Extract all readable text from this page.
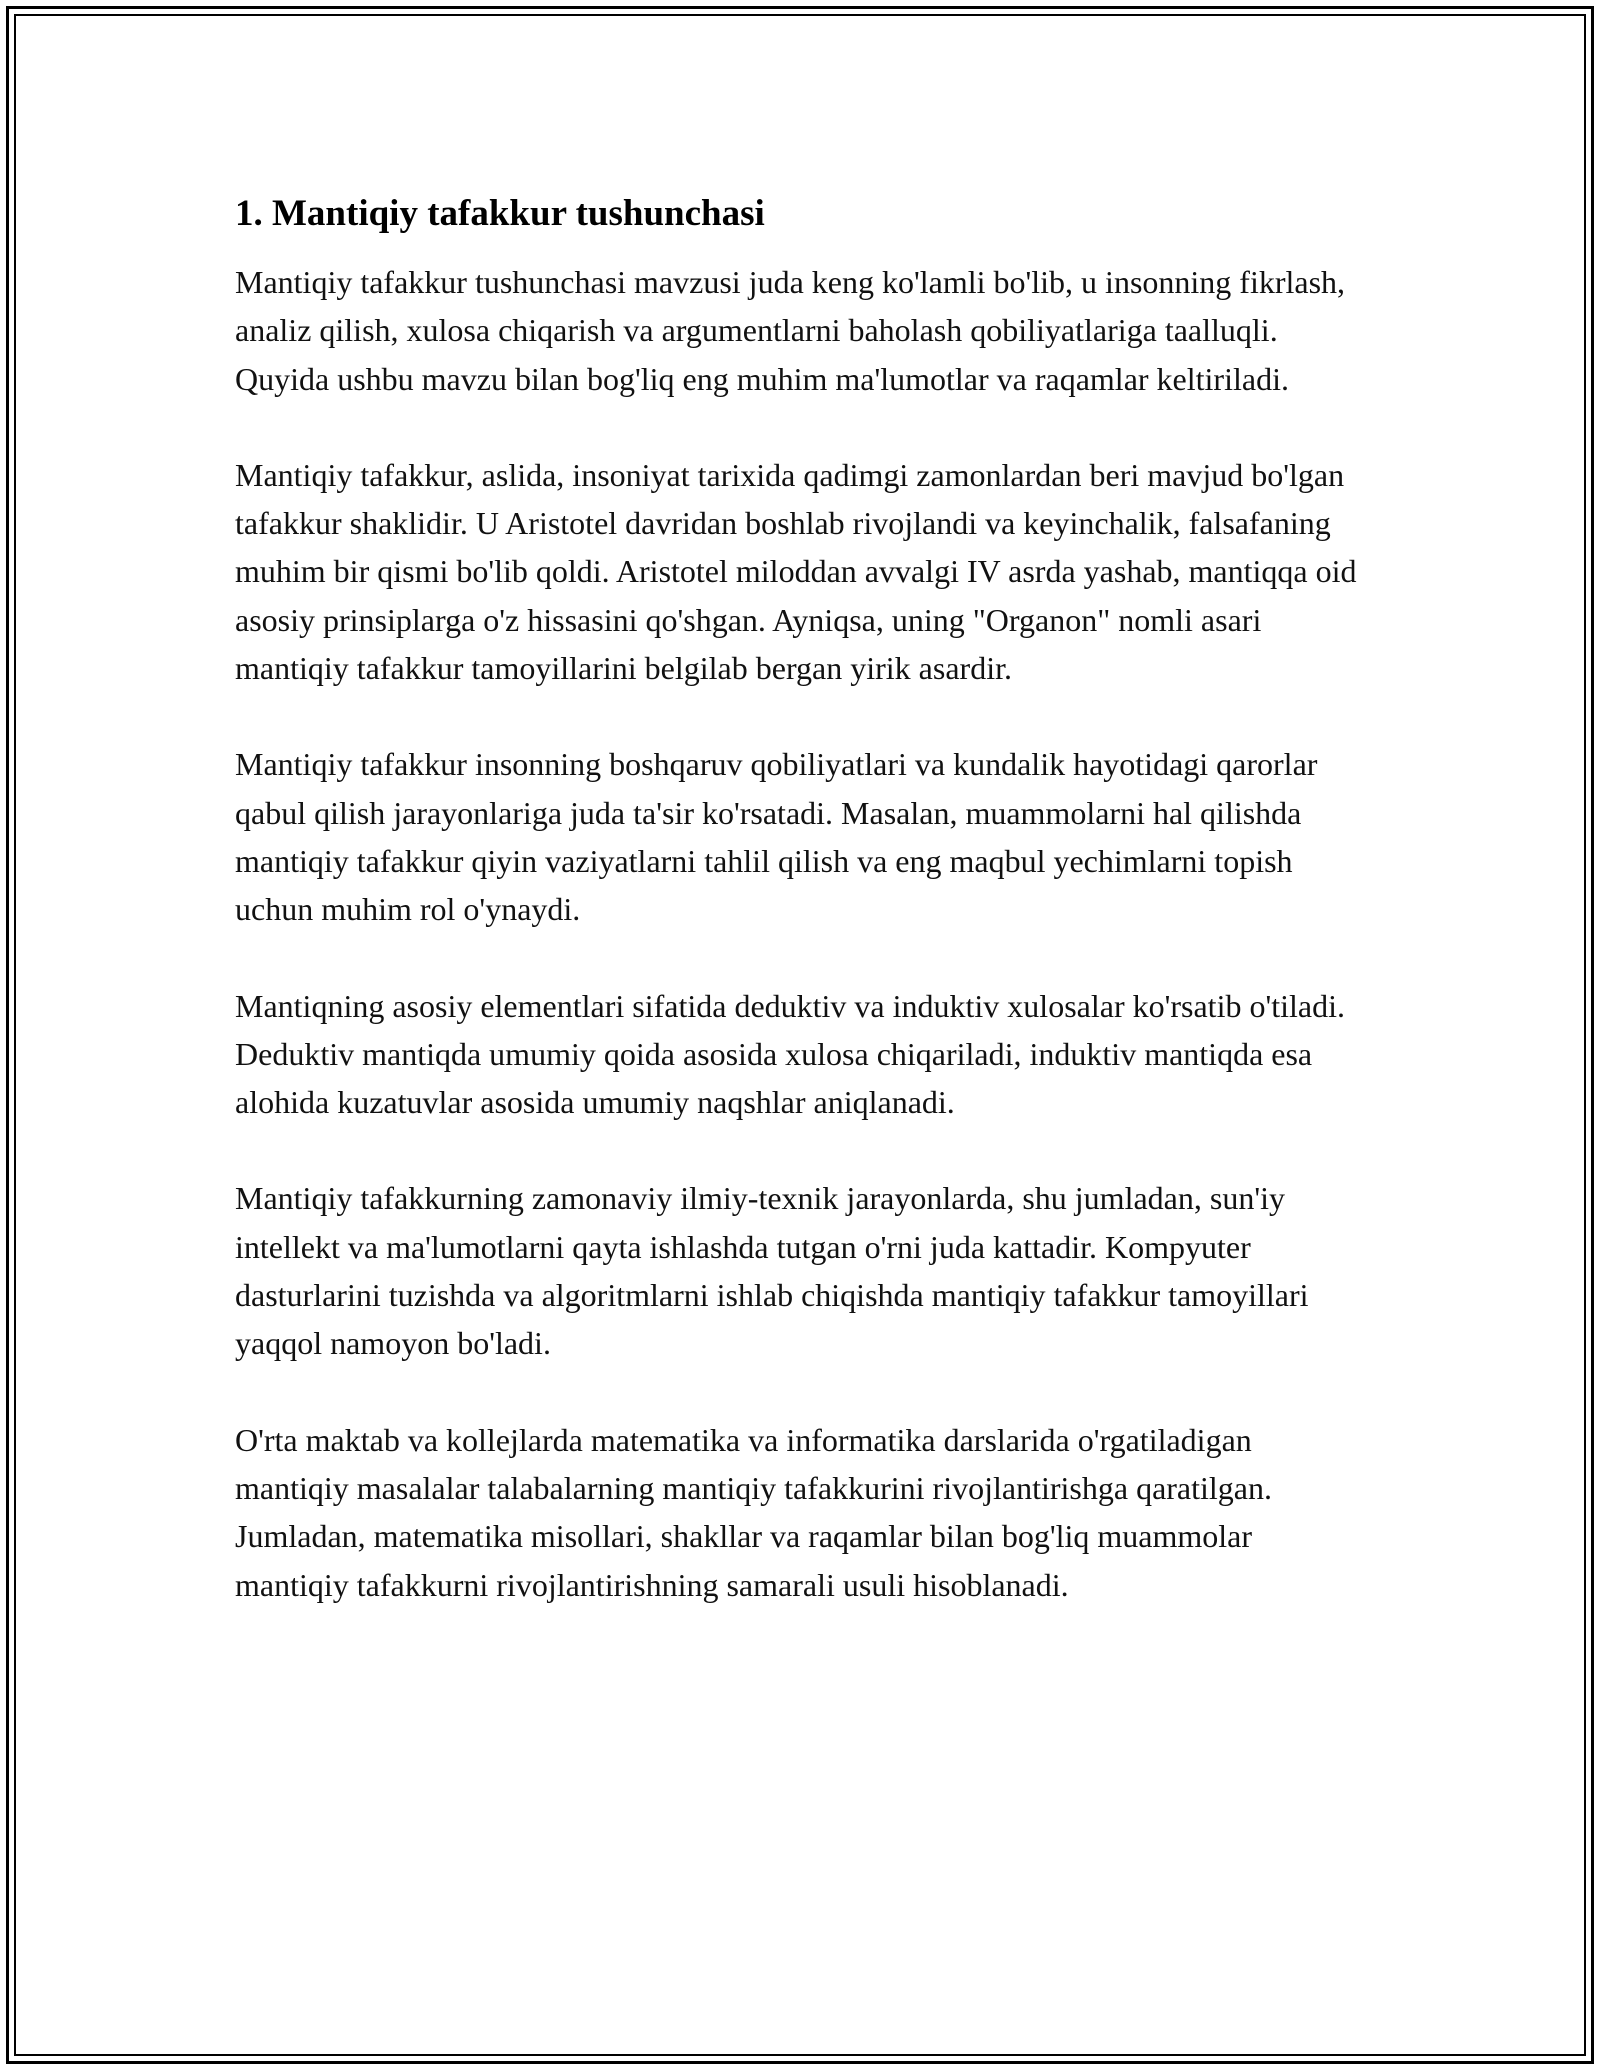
1. Mantiqiy tafakkur tushunchasi

Mantiqiy tafakkur tushunchasi mavzusi juda keng ko'lamli bo'lib, u insonning fikrlash, analiz qilish, xulosa chiqarish va argumentlarni baholash qobiliyatlariga taalluqli. Quyida ushbu mavzu bilan bog'liq eng muhim ma'lumotlar va raqamlar keltiriladi.

Mantiqiy tafakkur, aslida, insoniyat tarixida qadimgi zamonlardan beri mavjud bo'lgan tafakkur shaklidir. U Aristotel davridan boshlab rivojlandi va keyinchalik, falsafaning muhim bir qismi bo'lib qoldi. Aristotel miloddan avvalgi IV asrda yashab, mantiqqa oid asosiy prinsiplarga o'z hissasini qo'shgan. Ayniqsa, uning "Organon" nomli asari mantiqiy tafakkur tamoyillarini belgilab bergan yirik asardir.

Mantiqiy tafakkur insonning boshqaruv qobiliyatlari va kundalik hayotidagi qarorlar qabul qilish jarayonlariga juda ta'sir ko'rsatadi. Masalan, muammolarni hal qilishda mantiqiy tafakkur qiyin vaziyatlarni tahlil qilish va eng maqbul yechimlarni topish uchun muhim rol o'ynaydi.

Mantiqning asosiy elementlari sifatida deduktiv va induktiv xulosalar ko'rsatib o'tiladi. Deduktiv mantiqda umumiy qoida asosida xulosa chiqariladi, induktiv mantiqda esa alohida kuzatuvlar asosida umumiy naqshlar aniqlanadi.

Mantiqiy tafakkurning zamonaviy ilmiy-texnik jarayonlarda, shu jumladan, sun'iy intellekt va ma'lumotlarni qayta ishlashda tutgan o'rni juda kattadir. Kompyuter dasturlarini tuzishda va algoritmlarni ishlab chiqishda mantiqiy tafakkur tamoyillari yaqqol namoyon bo'ladi.

O'rta maktab va kollejlarda matematika va informatika darslarida o'rgatiladigan mantiqiy masalalar talabalarning mantiqiy tafakkurini rivojlantirishga qaratilgan. Jumladan, matematika misollari, shakllar va raqamlar bilan bog'liq muammolar mantiqiy tafakkurni rivojlantirishning samarali usuli hisoblanadi.
